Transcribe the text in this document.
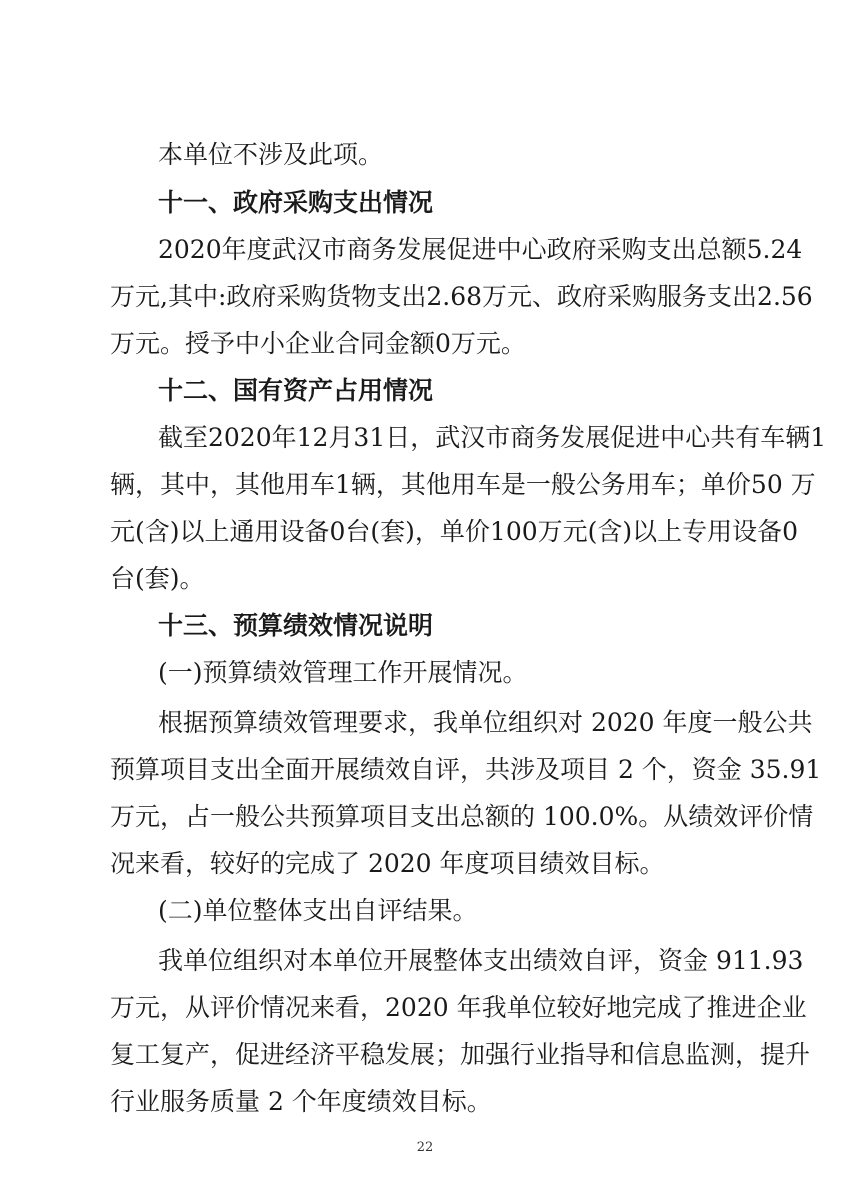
本单位不涉及此项。
十一、政府采购支出情况
2020年度武汉市商务发展促进中心政府采购支出总额5.24
万元,其中:政府采购货物支出2.68万元、政府采购服务支出2.56
万元。授予中小企业合同金额0万元。
十二、国有资产占用情况
截至2020年12月31日，武汉市商务发展促进中心共有车辆1
辆，其中，其他用车1辆，其他用车是一般公务用车；单价50 万
元(含)以上通用设备0台(套)，单价100万元(含)以上专用设备0
台(套)。
十三、预算绩效情况说明
(一)预算绩效管理工作开展情况。
根据预算绩效管理要求，我单位组织对 2020 年度一般公共
预算项目支出全面开展绩效自评，共涉及项目 2 个，资金 35.91
万元，占一般公共预算项目支出总额的 100.0%。从绩效评价情
况来看，较好的完成了 2020 年度项目绩效目标。
(二)单位整体支出自评结果。
我单位组织对本单位开展整体支出绩效自评，资金 911.93
万元，从评价情况来看，2020 年我单位较好地完成了推进企业
复工复产，促进经济平稳发展；加强行业指导和信息监测，提升
行业服务质量 2 个年度绩效目标。
22
